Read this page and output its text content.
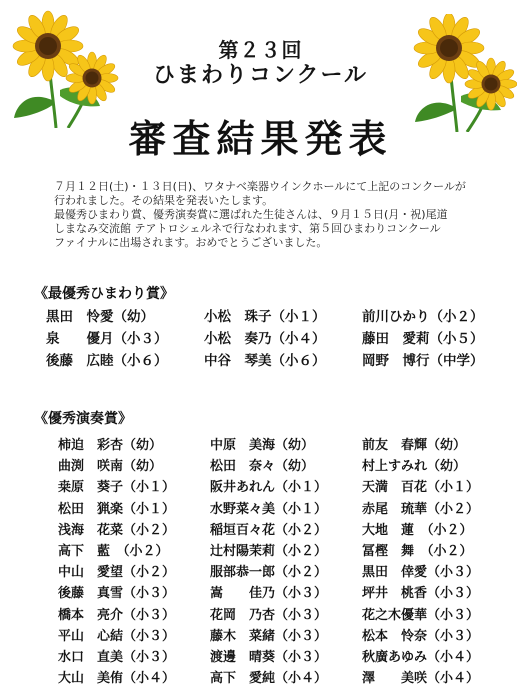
第２３回
ひまわりコンクール
審査結果発表

７月１２日(土)・１３日(日)、ワタナベ楽器ウインクホールにて上記のコンクールが

行われました。その結果を発表いたします。

最優秀ひまわり賞、優秀演奏賞に選ばれた生徒さんは、９月１５日(月・祝)尾道

しまなみ交流館 テアトロシェルネで行なわれます、第５回ひまわりコンクール

ファイナルに出場されます。おめでとうございました。

《最優秀ひまわり賞》
黒田　怜愛（幼）	小松　珠子（小１）	前川ひかり（小２）
泉　　優月（小３）	小松　奏乃（小４）	藤田　愛莉（小５）
後藤　広睦（小６）	中谷　琴美（小６）	岡野　博行（中学）
《優秀演奏賞》
柿迫　彩杏（幼）	中原　美海（幼）	前友　春輝（幼）
曲渕　咲南（幼）	松田　奈々（幼）	村上すみれ（幼）
桒原　葵子（小１）	阪井あれん（小１）	天満　百花（小１）
松田　猟楽（小１）	水野菜々美（小１）	赤尾　琉華（小２）
浅海　花菜（小２）	稲垣百々花（小２）	大地　蓮　（小２）
高下　藍　（小２）	辻村陽茉莉（小２）	冨樫　舞　（小２）
中山　愛望（小２）	服部恭一郎（小２）	黒田　倖愛（小３）
後藤　真雪（小３）	嵩　　佳乃（小３）	坪井　桃香（小３）
橋本　亮介（小３）	花岡　乃杏（小３）	花之木優華（小３）
平山　心結（小３）	藤木　菜緒（小３）	松本　怜奈（小３）
水口　直美（小３）	渡邊　晴葵（小３）	秋廣あゆみ（小４）
大山　美侑（小４）	高下　愛純（小４）	澤　　美咲（小４）
